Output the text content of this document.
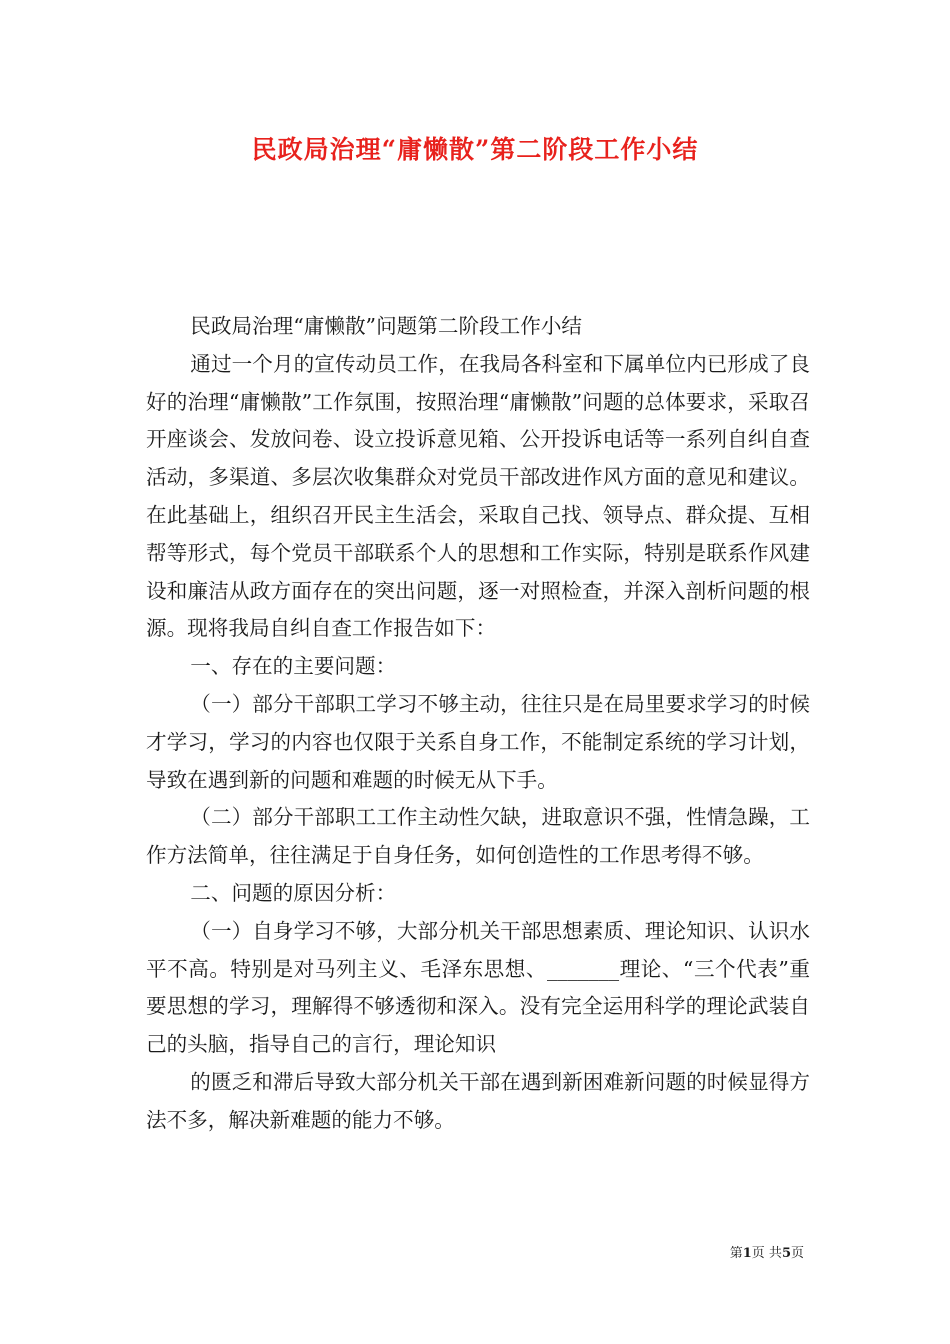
民政局治理“庸懒散”第二阶段工作小结

民政局治理“庸懒散”问题第二阶段工作小结

通过一个月的宣传动员工作，在我局各科室和下属单位内已形成了良好的治理“庸懒散”工作氛围，按照治理“庸懒散”问题的总体要求，采取召开座谈会、发放问卷、设立投诉意见箱、公开投诉电话等一系列自纠自查活动，多渠道、多层次收集群众对党员干部改进作风方面的意见和建议。在此基础上，组织召开民主生活会，采取自己找、领导点、群众提、互相帮等形式，每个党员干部联系个人的思想和工作实际，特别是联系作风建设和廉洁从政方面存在的突出问题，逐一对照检查，并深入剖析问题的根源。现将我局自纠自查工作报告如下：

一、存在的主要问题：

（一）部分干部职工学习不够主动，往往只是在局里要求学习的时候才学习，学习的内容也仅限于关系自身工作，不能制定系统的学习计划，导致在遇到新的问题和难题的时候无从下手。

（二）部分干部职工工作主动性欠缺，进取意识不强，性情急躁，工作方法简单，往往满足于自身任务，如何创造性的工作思考得不够。

二、问题的原因分析：

（一）自身学习不够，大部分机关干部思想素质、理论知识、认识水平不高。特别是对马列主义、毛泽东思想、_______理论、“三个代表”重要思想的学习，理解得不够透彻和深入。没有完全运用科学的理论武装自己的头脑，指导自己的言行，理论知识

的匮乏和滞后导致大部分机关干部在遇到新困难新问题的时候显得方法不多，解决新难题的能力不够。

第1页 共5页
